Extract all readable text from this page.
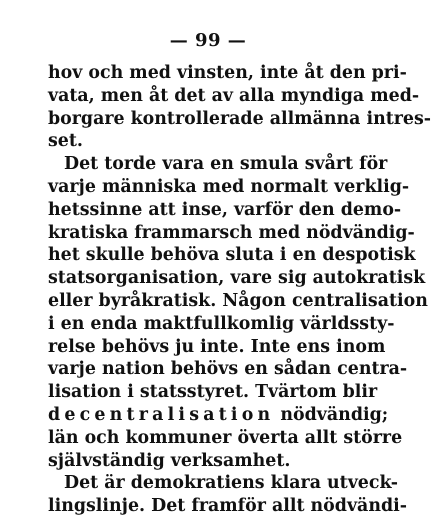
— 99 —
hov och med vinsten, inte åt den pri-
vata, men åt det av alla myndiga med-
borgare kontrollerade allmänna intres-
set.
Det torde vara en smula svårt för
varje människa med normalt verklig-
hetssinne att inse, varför den demo-
kratiska frammarsch med nödvändig-
het skulle behöva sluta i en despotisk
statsorganisation, vare sig autokratisk
eller byråkratisk. Någon centralisation
i en enda maktfullkomlig världssty-
relse behövs ju inte. Inte ens inom
varje nation behövs en sådan centra-
lisation i statsstyret. Tvärtom blir
decentralisation nödvändig;
län och kommuner överta allt större
självständig verksamhet.
Det är demokratiens klara utveck-
lingslinje. Det framför allt nödvändi-
